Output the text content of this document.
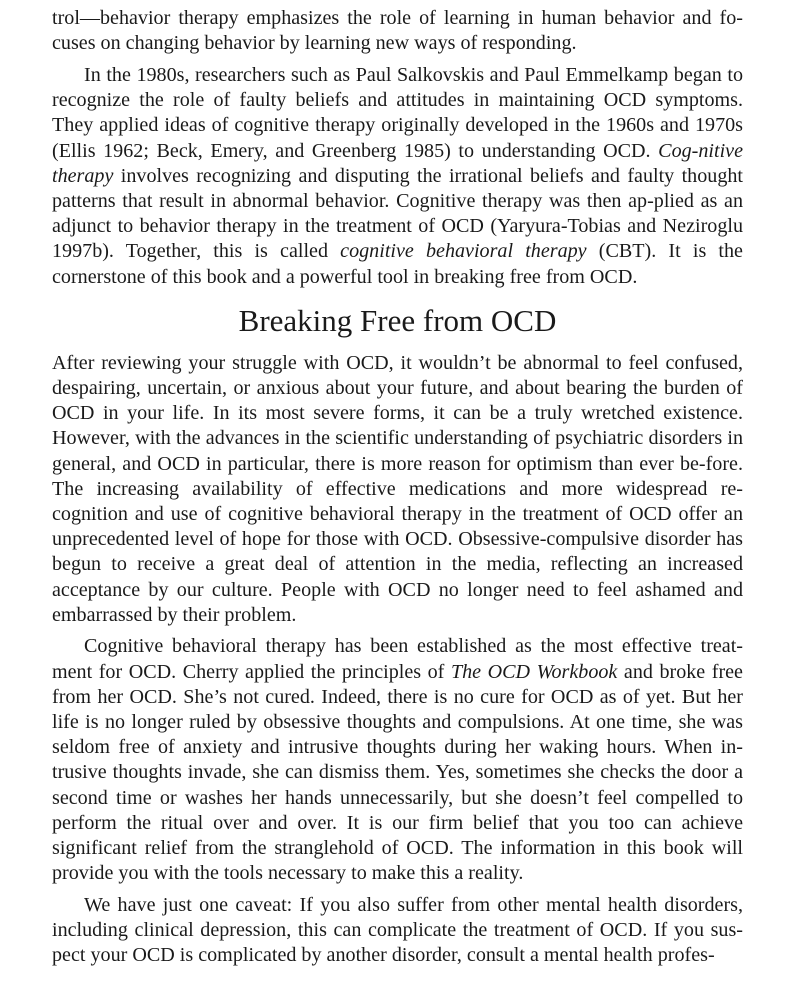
trol—behavior therapy emphasizes the role of learning in human behavior and fo-cuses on changing behavior by learning new ways of responding.

In the 1980s, researchers such as Paul Salkovskis and Paul Emmelkamp began to recognize the role of faulty beliefs and attitudes in maintaining OCD symptoms. They applied ideas of cognitive therapy originally developed in the 1960s and 1970s (Ellis 1962; Beck, Emery, and Greenberg 1985) to understanding OCD. Cog-nitive therapy involves recognizing and disputing the irrational beliefs and faulty thought patterns that result in abnormal behavior. Cognitive therapy was then ap-plied as an adjunct to behavior therapy in the treatment of OCD (Yaryura-Tobias and Neziroglu 1997b). Together, this is called cognitive behavioral therapy (CBT). It is the cornerstone of this book and a powerful tool in breaking free from OCD.

Breaking Free from OCD

After reviewing your struggle with OCD, it wouldn’t be abnormal to feel confused, despairing, uncertain, or anxious about your future, and about bearing the burden of OCD in your life. In its most severe forms, it can be a truly wretched existence. However, with the advances in the scientific understanding of psychiatric disorders in general, and OCD in particular, there is more reason for optimism than ever be-fore. The increasing availability of effective medications and more widespread re-cognition and use of cognitive behavioral therapy in the treatment of OCD offer an unprecedented level of hope for those with OCD. Obsessive-compulsive disorder has begun to receive a great deal of attention in the media, reflecting an increased acceptance by our culture. People with OCD no longer need to feel ashamed and embarrassed by their problem.

Cognitive behavioral therapy has been established as the most effective treat-ment for OCD. Cherry applied the principles of The OCD Workbook and broke free from her OCD. She’s not cured. Indeed, there is no cure for OCD as of yet. But her life is no longer ruled by obsessive thoughts and compulsions. At one time, she was seldom free of anxiety and intrusive thoughts during her waking hours. When in-trusive thoughts invade, she can dismiss them. Yes, sometimes she checks the door a second time or washes her hands unnecessarily, but she doesn’t feel compelled to perform the ritual over and over. It is our firm belief that you too can achieve significant relief from the stranglehold of OCD. The information in this book will provide you with the tools necessary to make this a reality.

We have just one caveat: If you also suffer from other mental health disorders, including clinical depression, this can complicate the treatment of OCD. If you sus-pect your OCD is complicated by another disorder, consult a mental health profes-
